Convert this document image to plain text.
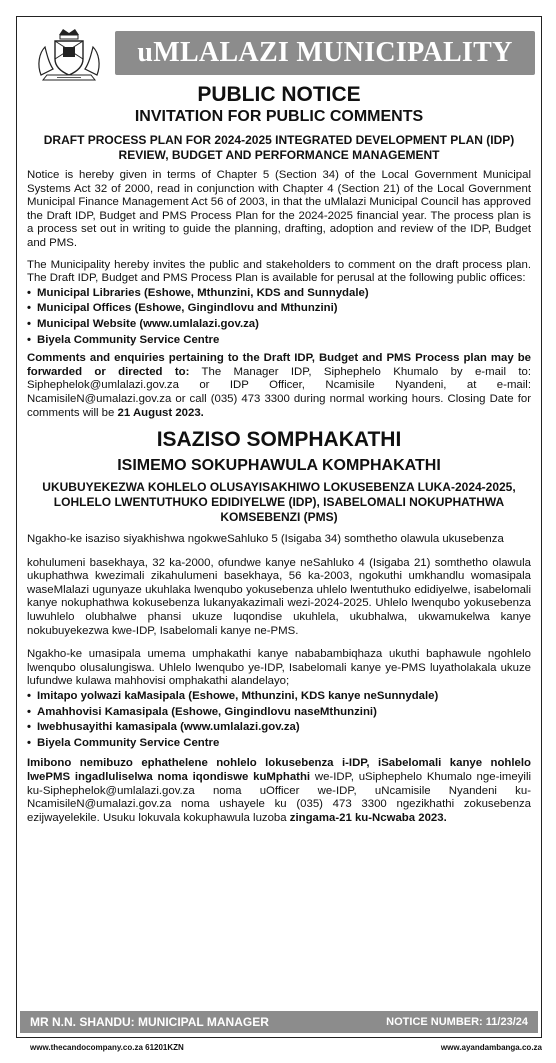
uMLALAZI MUNICIPALITY
PUBLIC NOTICE
INVITATION FOR PUBLIC COMMENTS
DRAFT PROCESS PLAN FOR 2024-2025 INTEGRATED DEVELOPMENT PLAN (IDP) REVIEW, BUDGET AND PERFORMANCE MANAGEMENT

Notice is hereby given in terms of Chapter 5 (Section 34) of the Local Government Municipal Systems Act 32 of 2000, read in conjunction with Chapter 4 (Section 21) of the Local Government Municipal Finance Management Act 56 of 2003, in that the uMlalazi Municipal Council has approved the Draft IDP, Budget and PMS Process Plan for the 2024-2025 financial year. The process plan is a process set out in writing to guide the planning, drafting, adoption and review of the IDP, Budget and PMS.

The Municipality hereby invites the public and stakeholders to comment on the draft process plan. The Draft IDP, Budget and PMS Process Plan is available for perusal at the following public offices:

• Municipal Libraries (Eshowe, Mthunzini, KDS and Sunnydale)
• Municipal Offices (Eshowe, Gingindlovu and Mthunzini)
• Municipal Website (www.umlalazi.gov.za)
• Biyela Community Service Centre

Comments and enquiries pertaining to the Draft IDP, Budget and PMS Process plan may be forwarded or directed to: The Manager IDP, Siphephelo Khumalo by e-mail to: Siphephelok@umlalazi.gov.za or IDP Officer, Ncamisile Nyandeni, at e-mail: NcamisileN@umalazi.gov.za or call (035) 473 3300 during normal working hours. Closing Date for comments will be 21 August 2023.

ISAZISO SOMPHAKATHI
ISIMEMO SOKUPHAWULA KOMPHAKATHI
UKUBUYEKEZWA KOHLELO OLUSAYISAKHIWO LOKUSEBENZA LUKA-2024-2025, LOHLELO LWENTUTHUKO EDIDIYELWE (IDP), ISABELOMALI NOKUPHATHWA KOMSEBENZI (PMS)

Ngakho-ke isaziso siyakhishwa ngokweSahluko 5 (Isigaba 34) somthetho olawula ukusebenza

kohulumeni basekhaya, 32 ka-2000, ofundwe kanye neSahluko 4 (Isigaba 21) somthetho olawula ukuphathwa kwezimali zikahulumeni basekhaya, 56 ka-2003, ngokuthi umkhandlu womasipala waseMlalazi ugunyaze ukuhlaka lwenqubo yokusebenza uhlelo lwentuthuko edidiyelwe, isabelomali kanye nokuphathwa kokusebenza lukanyakazimali wezi-2024-2025. Uhlelo lwenqubo yokusebenza luwuhlelo olubhalwe phansi ukuze luqondise ukuhlela, ukubhalwa, ukwamukelwa kanye nokubuyekezwa kwe-IDP, Isabelomali kanye ne-PMS.

Ngakho-ke umasipala umema umphakathi kanye nababambiqhaza ukuthi baphawule ngohlelo lwenqubo olusalungiswa. Uhlelo lwenqubo ye-IDP, Isabelomali kanye ye-PMS luyatholakala ukuze lufundwe kulawa mahhovisi omphakathi alandelayo;

• Imitapo yolwazi kaMasipala (Eshowe, Mthunzini, KDS kanye neSunnydale)
• Amahhovisi Kamasipala (Eshowe, Gingindlovu naseMthunzini)
• Iwebhusayithi kamasipala (www.umlalazi.gov.za)
• Biyela Community Service Centre

Imibono nemibuzo ephathelene nohlelo lokusebenza i-IDP, iSabelomali kanye nohlelo lwePMS ingadluliselwa noma iqondiswe kuMphathi we-IDP, uSiphephelo Khumalo nge-imeyili ku-Siphephelok@umlalazi.gov.za noma uOfficer we-IDP, uNcamisile Nyandeni ku-NcamisileN@umalazi.gov.za noma ushayele ku (035) 473 3300 ngezikhathi zokusebenza ezijwayelekile. Usuku lokuvala kokuphawula luzoba zingama-21 ku-Ncwaba 2023.

MR N.N. SHANDU: MUNICIPAL MANAGER	NOTICE NUMBER: 11/23/24
www.thecandocompany.co.za 61201KZN	www.ayandambanga.co.za
